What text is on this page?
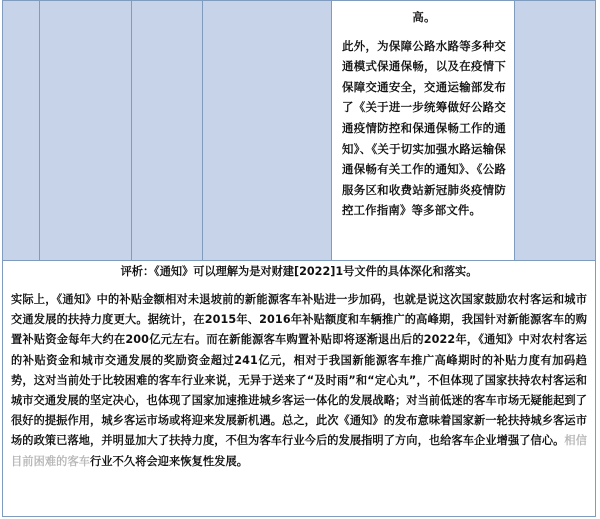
高。

此外，为保障公路水路等多种交通模式保通保畅，以及在疫情下保障交通安全，交通运输部发布了《关于进一步统筹做好公路交通疫情防控和保通保畅工作的通知》、《关于切实加强水路运输保通保畅有关工作的通知》、《公路服务区和收费站新冠肺炎疫情防控工作指南》等多部文件。

评析：《通知》可以理解为是对财建[2022]1号文件的具体深化和落实。

实际上，《通知》中的补贴金额相对未退坡前的新能源客车补贴进一步加码，也就是说这次国家鼓励农村客运和城市交通发展的扶持力度更大。据统计，在2015年、2016年补贴额度和车辆推广的高峰期，我国针对新能源客车的购置补贴资金每年大约在200亿元左右。而在新能源客车购置补贴即将逐渐退出后的2022年，《通知》中对农村客运的补贴资金和城市交通发展的奖励资金超过241亿元，相对于我国新能源客车推广高峰期时的补贴力度有加码趋势，这对当前处于比较困难的客车行业来说，无异于送来了“及时雨”和“定心丸”，不但体现了国家扶持农村客运和城市交通发展的坚定决心，也体现了国家加速推进城乡客运一体化的发展战略；对当前低迷的客车市场无疑能起到了很好的提振作用，城乡客运市场或将迎来发展新机遇。总之，此次《通知》的发布意味着国家新一轮扶持城乡客运市场的政策已落地，并明显加大了扶持力度，不但为客车行业今后的发展指明了方向，也给客车企业增强了信心。相信目前困难的客车行业不久将会迎来恢复性发展。
